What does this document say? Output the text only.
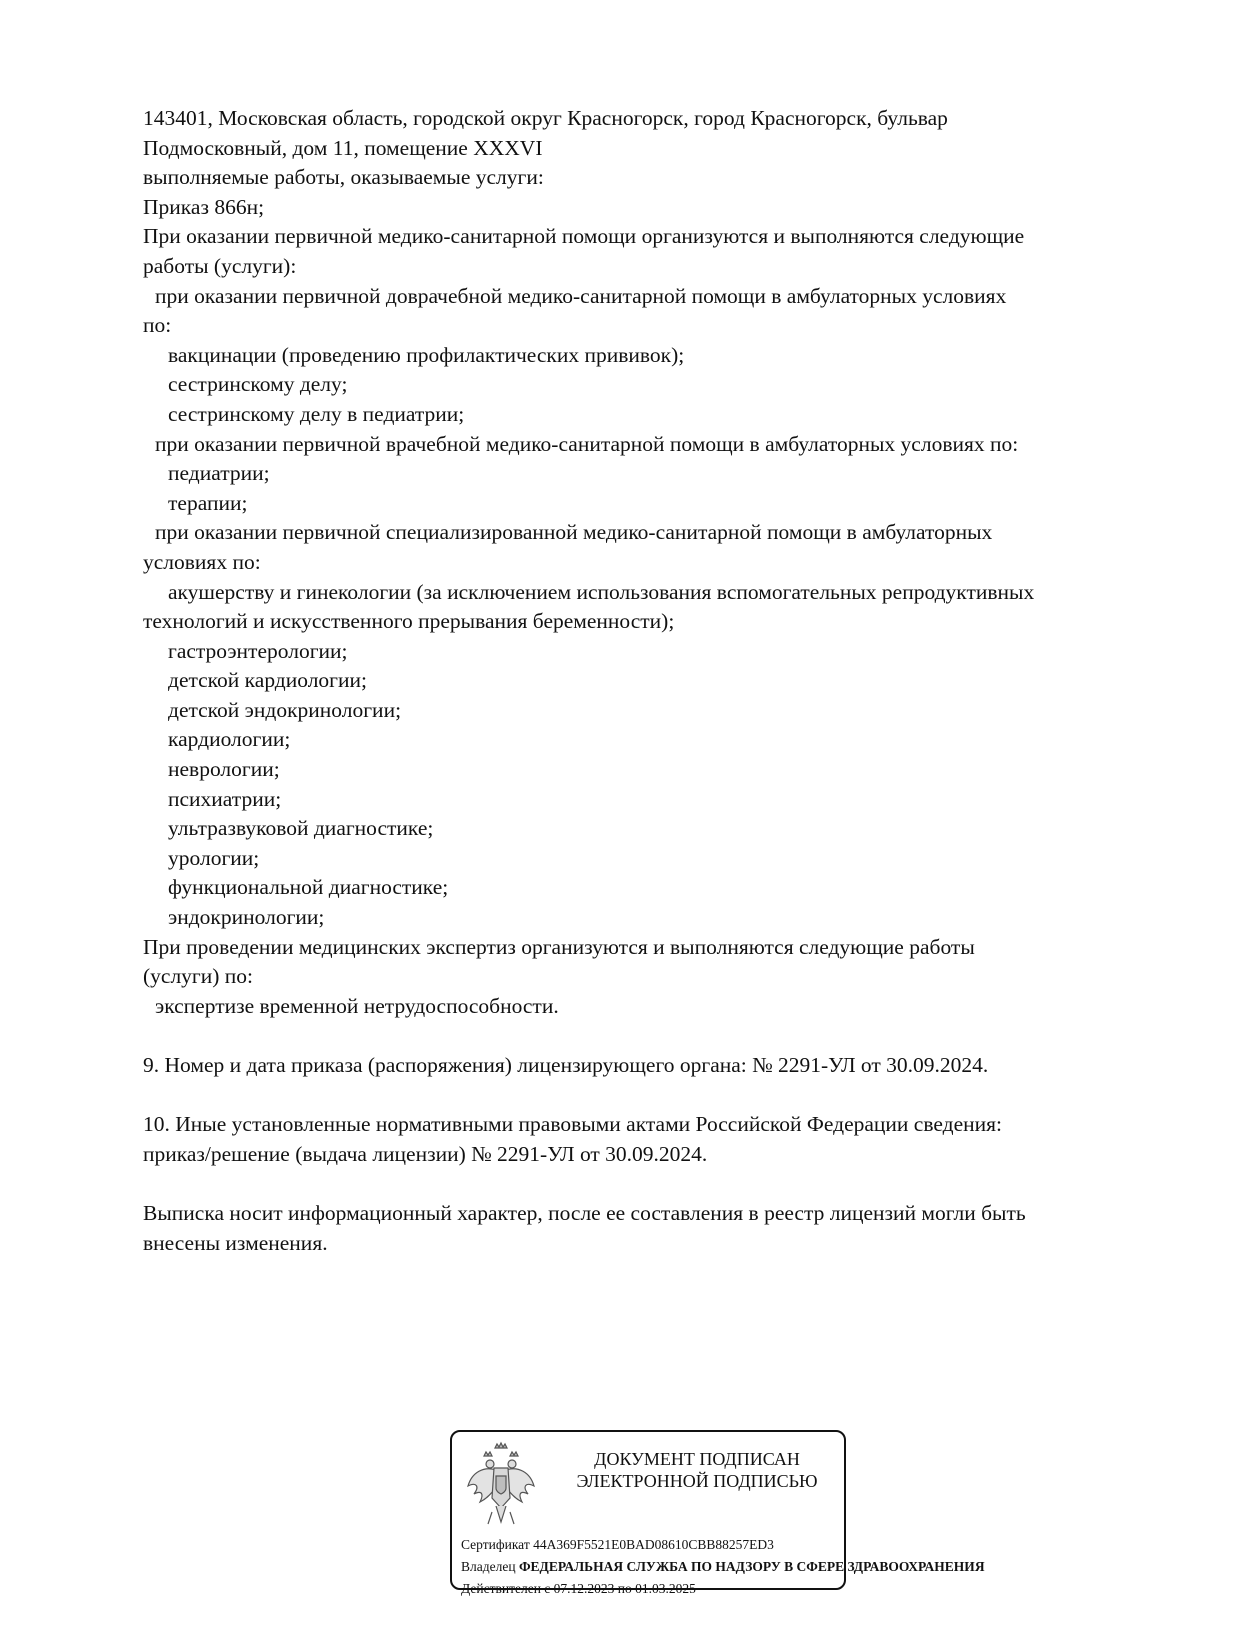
143401, Московская область, городской округ Красногорск, город Красногорск, бульвар
Подмосковный, дом 11, помещение XXXVI
выполняемые работы, оказываемые услуги:
Приказ 866н;
При оказании первичной медико-санитарной помощи организуются и выполняются следующие
работы (услуги):
при оказании первичной доврачебной медико-санитарной помощи в амбулаторных условиях
по:
вакцинации (проведению профилактических прививок);
сестринскому делу;
сестринскому делу в педиатрии;
при оказании первичной врачебной медико-санитарной помощи в амбулаторных условиях по:
педиатрии;
терапии;
при оказании первичной специализированной медико-санитарной помощи в амбулаторных
условиях по:
акушерству и гинекологии (за исключением использования вспомогательных репродуктивных
технологий и искусственного прерывания беременности);
гастроэнтерологии;
детской кардиологии;
детской эндокринологии;
кардиологии;
неврологии;
психиатрии;
ультразвуковой диагностике;
урологии;
функциональной диагностике;
эндокринологии;
При проведении медицинских экспертиз организуются и выполняются следующие работы
(услуги) по:
экспертизе временной нетрудоспособности.
9. Номер и дата приказа (распоряжения) лицензирующего органа: № 2291-УЛ от 30.09.2024.
10. Иные установленные нормативными правовыми актами Российской Федерации сведения:
приказ/решение (выдача лицензии) № 2291-УЛ от 30.09.2024.
Выписка носит информационный характер, после ее составления в реестр лицензий могли быть
внесены изменения.
ДОКУМЕНТ ПОДПИСАН
ЭЛЕКТРОННОЙ ПОДПИСЬЮ
Сертификат 44A369F5521E0BAD08610CBB88257ED3
Владелец ФЕДЕРАЛЬНАЯ СЛУЖБА ПО НАДЗОРУ В СФЕРЕ ЗДРАВООХРАНЕНИЯ
Действителен с 07.12.2023 по 01.03.2025
